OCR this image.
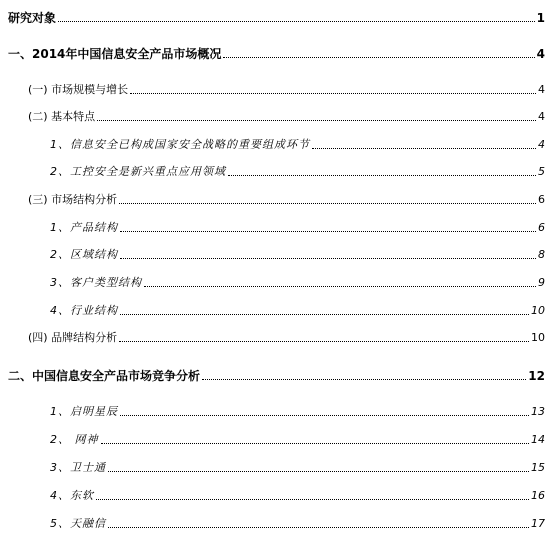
研究对象	1
一、2014年中国信息安全产品市场概况	4
(一) 市场规模与增长	4
(二) 基本特点	4
1、信息安全已构成国家安全战略的重要组成环节	4
2、工控安全是新兴重点应用领域	5
(三) 市场结构分析	6
1、产品结构	6
2、区域结构	8
3、客户类型结构	9
4、行业结构	10
(四) 品牌结构分析	10
二、中国信息安全产品市场竞争分析	12
1、启明星辰	13
2、 网神	14
3、卫士通	15
4、东软	16
5、天融信	17
